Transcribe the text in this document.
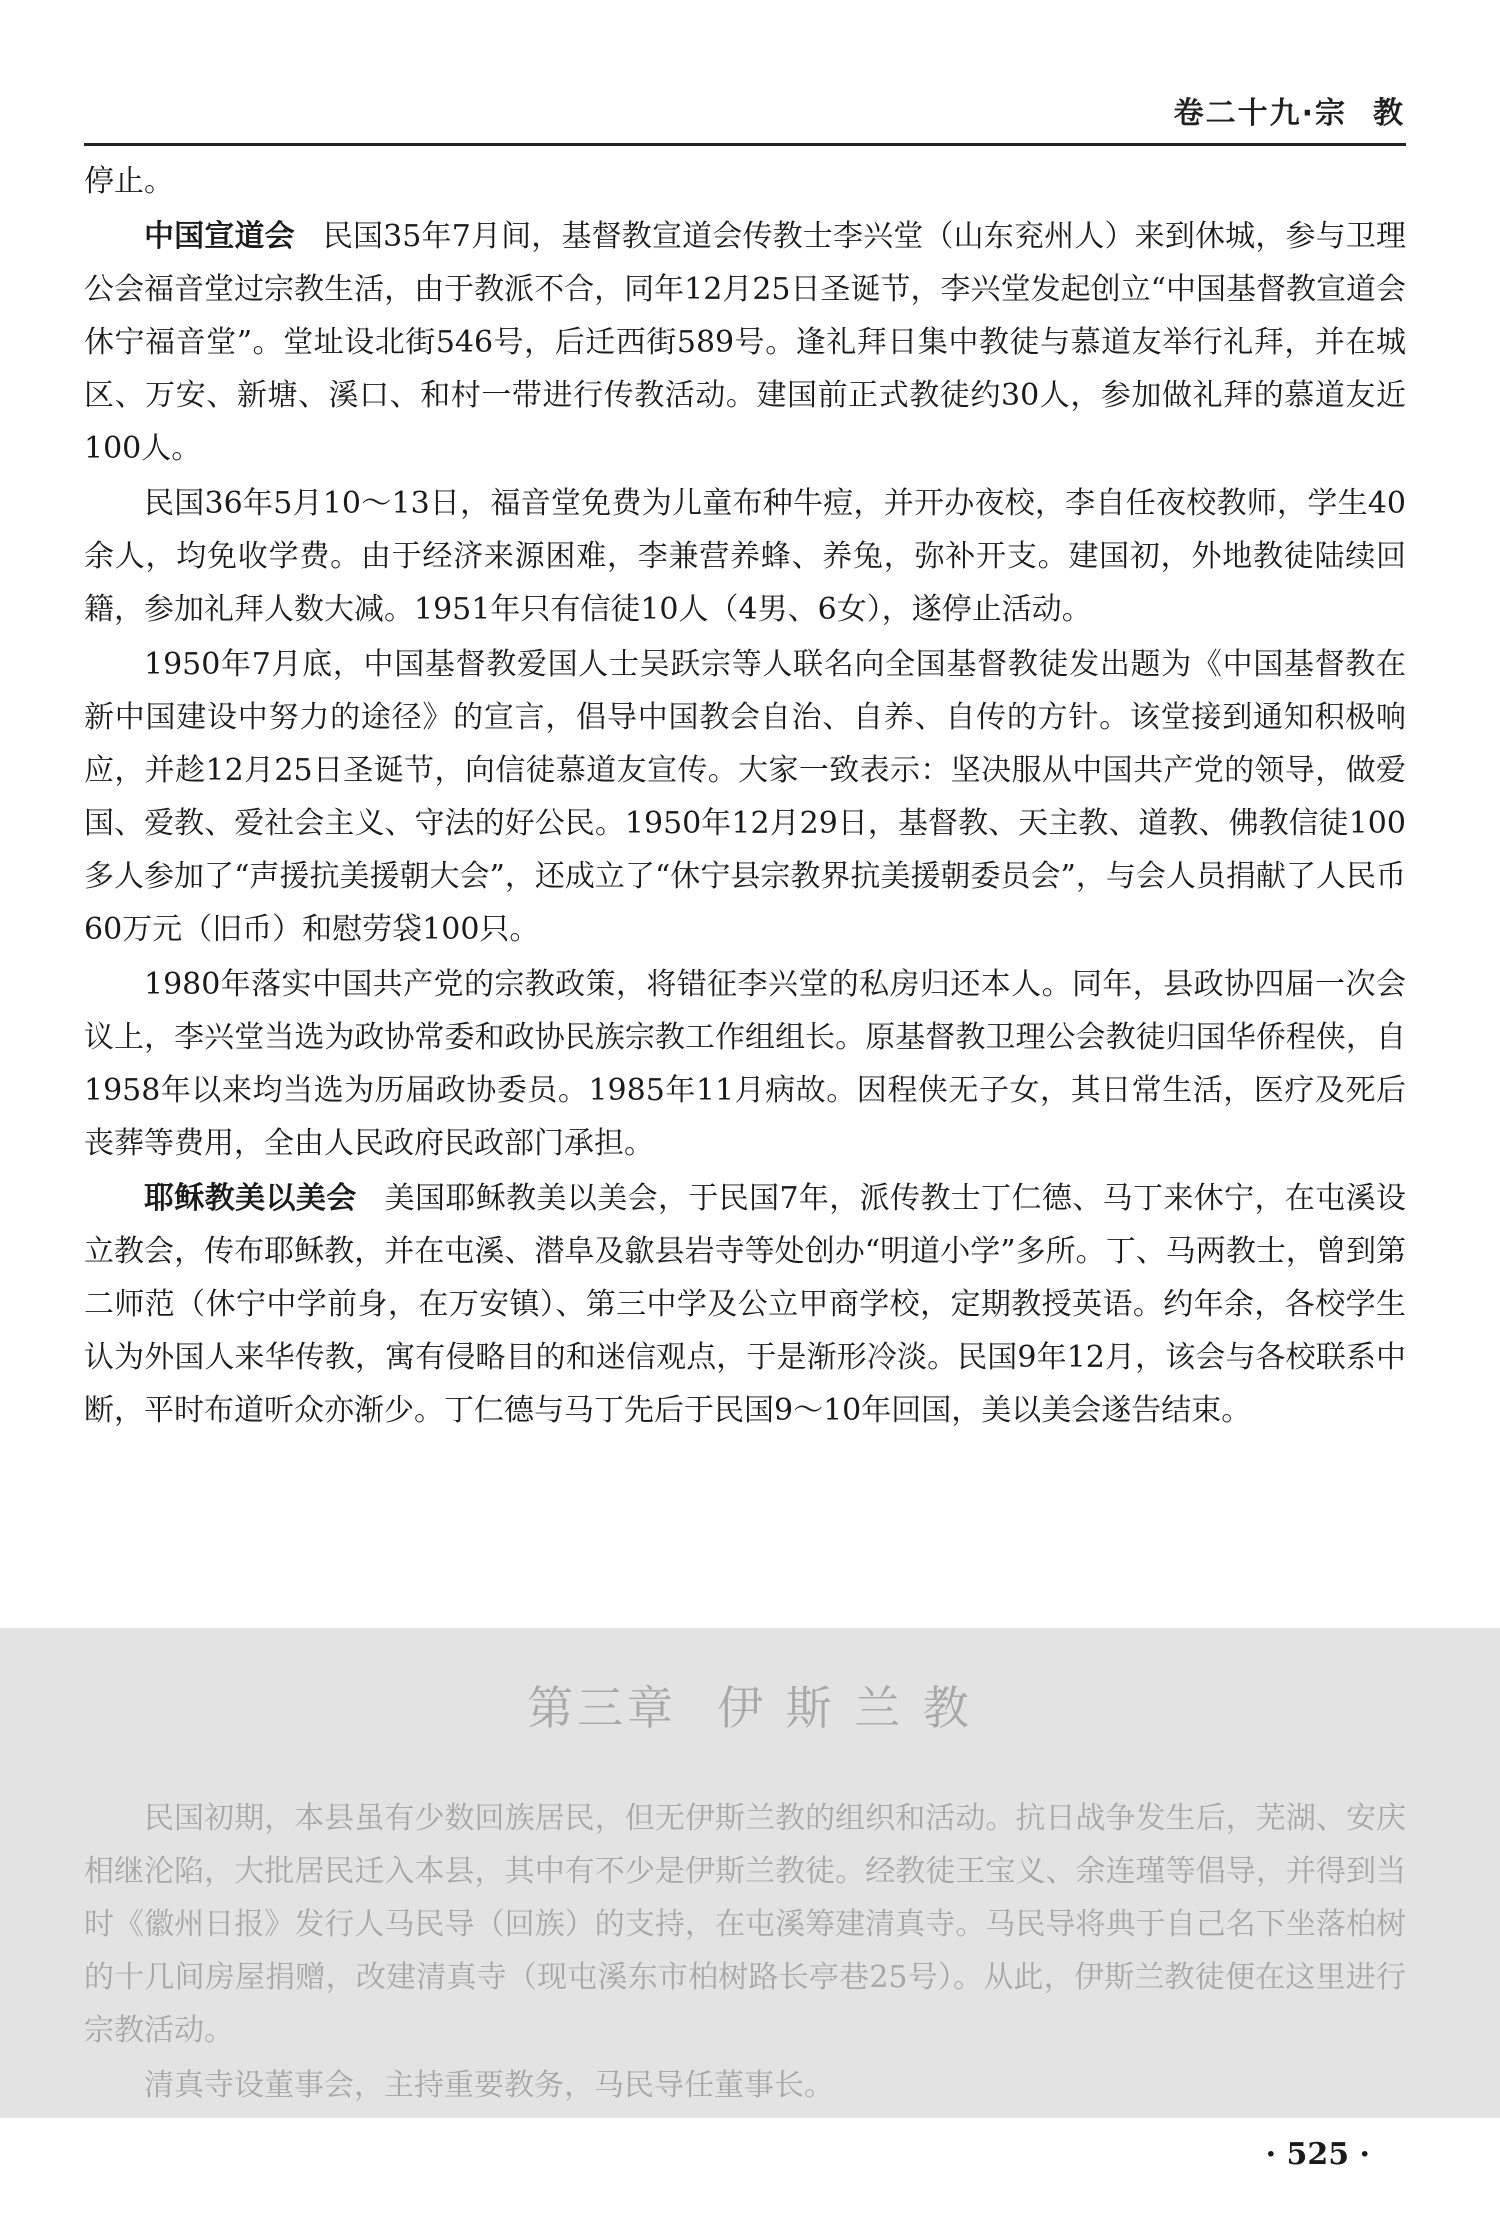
卷二十九·宗 教

停止。

中国宣道会 民国35年7月间，基督教宣道会传教士李兴堂（山东兖州人）来到休城，参与卫理公会福音堂过宗教生活，由于教派不合，同年12月25日圣诞节，李兴堂发起创立“中国基督教宣道会休宁福音堂”。堂址设北街546号，后迁西街589号。逢礼拜日集中教徒与慕道友举行礼拜，并在城区、万安、新塘、溪口、和村一带进行传教活动。建国前正式教徒约30人，参加做礼拜的慕道友近100人。

民国36年5月10～13日，福音堂免费为儿童布种牛痘，并开办夜校，李自任夜校教师，学生40余人，均免收学费。由于经济来源困难，李兼营养蜂、养兔，弥补开支。建国初，外地教徒陆续回籍，参加礼拜人数大减。1951年只有信徒10人（4男、6女），遂停止活动。

1950年7月底，中国基督教爱国人士吴跃宗等人联名向全国基督教徒发出题为《中国基督教在新中国建设中努力的途径》的宣言，倡导中国教会自治、自养、自传的方针。该堂接到通知积极响应，并趁12月25日圣诞节，向信徒慕道友宣传。大家一致表示：坚决服从中国共产党的领导，做爱国、爱教、爱社会主义、守法的好公民。1950年12月29日，基督教、天主教、道教、佛教信徒100多人参加了“声援抗美援朝大会”，还成立了“休宁县宗教界抗美援朝委员会”，与会人员捐献了人民币60万元（旧币）和慰劳袋100只。

1980年落实中国共产党的宗教政策，将错征李兴堂的私房归还本人。同年，县政协四届一次会议上，李兴堂当选为政协常委和政协民族宗教工作组组长。原基督教卫理公会教徒归国华侨程侠，自1958年以来均当选为历届政协委员。1985年11月病故。因程侠无子女，其日常生活，医疗及死后丧葬等费用，全由人民政府民政部门承担。

耶稣教美以美会 美国耶稣教美以美会，于民国7年，派传教士丁仁德、马丁来休宁，在屯溪设立教会，传布耶稣教，并在屯溪、潜阜及歙县岩寺等处创办“明道小学”多所。丁、马两教士，曾到第二师范（休宁中学前身，在万安镇）、第三中学及公立甲商学校，定期教授英语。约年余，各校学生认为外国人来华传教，寓有侵略目的和迷信观点，于是渐形冷淡。民国9年12月，该会与各校联系中断，平时布道听众亦渐少。丁仁德与马丁先后于民国9～10年回国，美以美会遂告结束。

第三章 伊 斯 兰 教

民国初期，本县虽有少数回族居民，但无伊斯兰教的组织和活动。抗日战争发生后，芜湖、安庆相继沦陷，大批居民迁入本县，其中有不少是伊斯兰教徒。经教徒王宝义、余连瑾等倡导，并得到当时《徽州日报》发行人马民导（回族）的支持，在屯溪筹建清真寺。马民导将典于自己名下坐落柏树的十几间房屋捐赠，改建清真寺（现屯溪东市柏树路长亭巷25号）。从此，伊斯兰教徒便在这里进行宗教活动。

清真寺设董事会，主持重要教务，马民导任董事长。

· 525 ·
